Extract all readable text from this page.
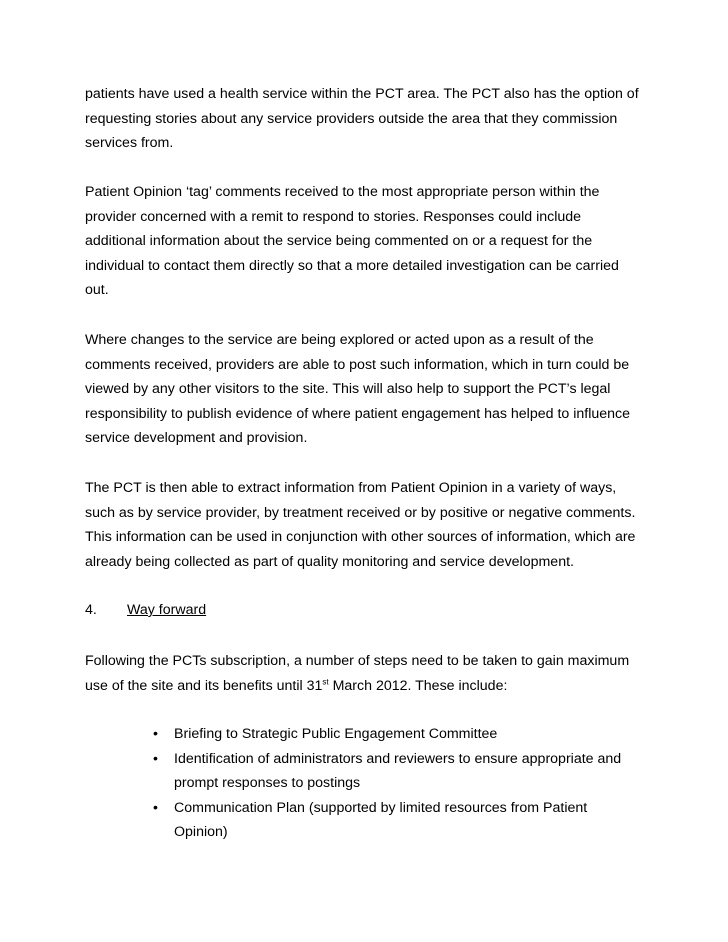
patients have used a health service within the PCT area. The PCT also has the option of
requesting stories about any service providers outside the area that they commission
services from.

Patient Opinion ‘tag’ comments received to the most appropriate person within the
provider concerned with a remit to respond to stories. Responses could include
additional information about the service being commented on or a request for the
individual to contact them directly so that a more detailed investigation can be carried
out.

Where changes to the service are being explored or acted upon as a result of the
comments received, providers are able to post such information, which in turn could be
viewed by any other visitors to the site. This will also help to support the PCT’s legal
responsibility to publish evidence of where patient engagement has helped to influence
service development and provision.

The PCT is then able to extract information from Patient Opinion in a variety of ways,
such as by service provider, by treatment received or by positive or negative comments.
This information can be used in conjunction with other sources of information, which are
already being collected as part of quality monitoring and service development.

4. Way forward

Following the PCTs subscription, a number of steps need to be taken to gain maximum
use of the site and its benefits until 31st March 2012. These include:

• Briefing to Strategic Public Engagement Committee
• Identification of administrators and reviewers to ensure appropriate and
prompt responses to postings
• Communication Plan (supported by limited resources from Patient
Opinion)
